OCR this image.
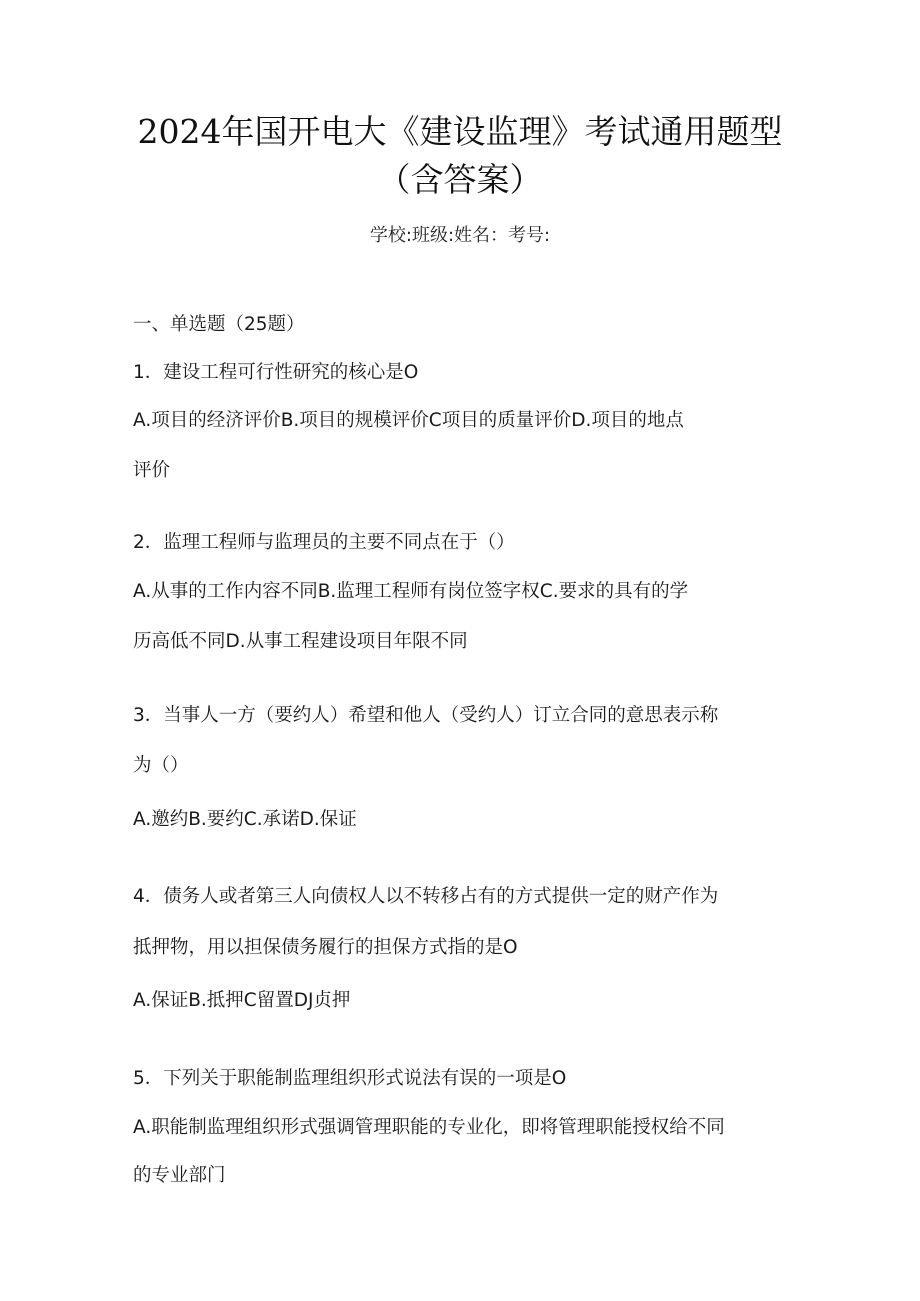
2024年国开电大《建设监理》考试通用题型
（含答案）
学校:班级:姓名：考号:
一、单选题（25题）
1．建设工程可行性研究的核心是O
A.项目的经济评价B.项目的规模评价C项目的质量评价D.项目的地点
评价
2．监理工程师与监理员的主要不同点在于（）
A.从事的工作内容不同B.监理工程师有岗位签字权C.要求的具有的学
历高低不同D.从事工程建设项目年限不同
3．当事人一方（要约人）希望和他人（受约人）订立合同的意思表示称
为（）
A.邀约B.要约C.承诺D.保证
4．债务人或者第三人向债权人以不转移占有的方式提供一定的财产作为
抵押物，用以担保债务履行的担保方式指的是O
A.保证B.抵押C留置DJ贞押
5．下列关于职能制监理组织形式说法有误的一项是O
A.职能制监理组织形式强调管理职能的专业化，即将管理职能授权给不同
的专业部门
